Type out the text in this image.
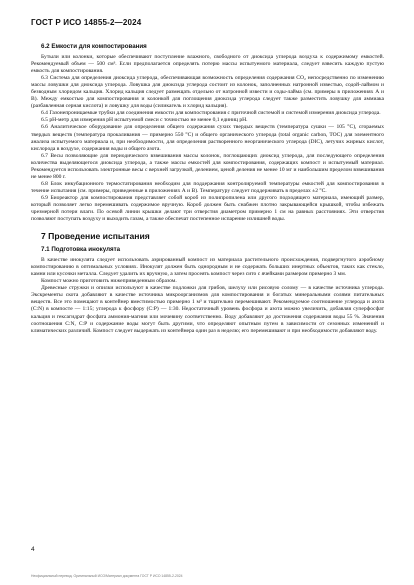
ГОСТ Р ИСО 14855-2—2024
6.2 Емкости для компостирования

Бутыли или колонки, которые обеспечивают поступление влажного, свободного от диоксида углерода воздуха к содержимому емкостей. Рекомендуемый объем — 500 см³. Если предполагается определять потерю массы испытуемого материала, следует взвесить каждую пустую емкость для компостирования.

6.3 Система для определения диоксида углерода, обеспечивающая возможность определения содержания CO₂ непосредственно по изменению массы ловушки для диоксида углерода. Ловушка для диоксида углерода состоит из колонок, заполненных натронной известью, содой-лаймом и безводным хлоридом кальция. Хлорид кальция следует размещать отдельно от натронной извести и соды-лайма (см. примеры в приложениях А и B). Между емкостью для компостирования и колонкой для поглощения диоксида углерода следует также разместить ловушку для аммиака (разбавленная серная кислота) и ловушку для воды (силикагель и хлорид кальция).

6.4 Газонепроницаемые трубки для соединения емкости для компостирования с приточной системой и системой измерения диоксида углерода.

6.5 pH-метр для измерения pH испытуемой смеси с точностью не менее 0,1 единиц pH.

6.6 Аналитическое оборудование для определения общего содержания сухих твердых веществ (температура сушки — 105 °С), сгораемых твердых веществ (температура прокаливания — примерно 550 °С) и общего органического углерода (total organic carbon, TOC) для элементного анализа испытуемого материала и, при необходимости, для определения растворенного неорганического углерода (DIC), летучих жирных кислот, кислорода в воздухе, содержания воды и общего азота.

6.7 Весы позволяющие для периодического взвешивания массы колонок, поглощающих диоксид углерода, для последующего определения количества выделяющегося диоксида углерода, а также массы емкостей для компостирования, содержащих компост и испытуемый материал. Рекомендуется использовать электронные весы с верхней загрузкой, делением, ценой деления не менее 10 мг и наибольшим пределом взвешивания не менее 800 г.

6.8 Блок инкубационного термостатирования необходим для поддержания контролируемой температуры емкостей для компостирования в течение испытания (см. примеры, приведенные в приложениях А и В). Температуру следует поддерживать в пределах ±2 °С.

6.9 Биореактор для компостирования представляет собой короб из полипропилена или другого подходящего материала, имеющий размер, который позволяет легко перемешивать содержимое вручную. Короб должен быть снабжен плотно закрывающейся крышкой, чтобы избежать чрезмерной потери влаги. По осевой линии крышки делают три отверстия диаметром примерно 1 см на равных расстояниях. Эти отверстия позволяют поступать воздуху и выходить газам, а также обеспечат постепенное испарение излишней воды.

7 Проведение испытания
7.1 Подготовка инокулята

В качестве инокулята следует использовать аэрированный компост из материала растительного происхождения, подвергнутого аэробному компостированию в оптимальных условиях. Инокулят должен быть однородным и не содержать больших инертных объектов, таких как стекло, камни или кусочки металла. Следует удалить их вручную, а затем просеять компост через сито с ячейками размером примерно 3 мм.

Компост можно приготовить нижеприведенным образом.

Древесные стружки и опилки используют в качестве подложки для грибов, шелуху или рисовую солому — в качестве источника углерода. Экскременты скота добавляют в качестве источника микроорганизмов для компостирования и богатых минеральными солями питательных веществ. Все это помещают в контейнер вместимостью примерно 1 м³ и тщательно перемешивают. Рекомендуемое соотношение углерода и азота (С:N) в компосте — 1:15; углерода к фосфору (С:Р) — 1:30. Недостаточный уровень фосфора и азота можно увеличить, добавляя суперфосфат кальция и гексагидрат фосфата аммония-магния или мочевину соответственно. Воду добавляют до достижения содержания воды 55 %. Значения соотношения С:N, С:Р и содержание воды могут быть другими, что определяют опытным путем в зависимости от сезонных изменений и климатических различий. Компост следует выдержать из контейнера один раз в неделю; его перемешивают и при необходимости добавляют воду.

4
Неофициальный перевод. Оригинальный ИСО/Материал документа ГОСТ Р ИСО 14855-2-2024
